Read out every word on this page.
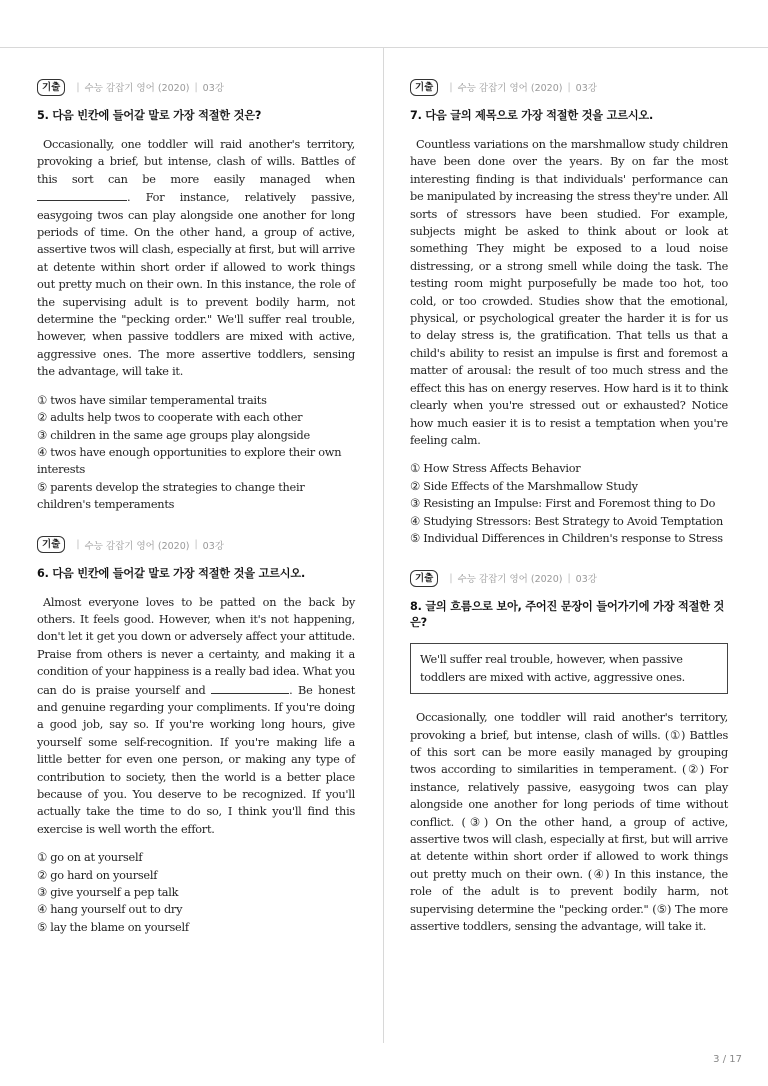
기출	| 수능 감잡기 영어 (2020) | 03강
5. 다음 빈칸에 들어갈 말로 가장 적절한 것은?

Occasionally, one toddler will raid another's territory, provoking a brief, but intense, clash of wills. Battles of this sort can be more easily managed when . For instance, relatively passive, easygoing twos can play alongside one another for long periods of time. On the other hand, a group of active, assertive twos will clash, especially at first, but will arrive at detente within short order if allowed to work things out pretty much on their own. In this instance, the role of the supervising adult is to prevent bodily harm, not determine the "pecking order." We'll suffer real trouble, however, when passive toddlers are mixed with active, aggressive ones. The more assertive toddlers, sensing the advantage, will take it.

① twos have similar temperamental traits
② adults help twos to cooperate with each other
③ children in the same age groups play alongside
④ twos have enough opportunities to explore their own interests
⑤ parents develop the strategies to change their children's temperaments
기출	| 수능 감잡기 영어 (2020) | 03강
6. 다음 빈칸에 들어갈 말로 가장 적절한 것을 고르시오.

Almost everyone loves to be patted on the back by others. It feels good. However, when it's not happening, don't let it get you down or adversely affect your attitude. Praise from others is never a certainty, and making it a condition of your happiness is a really bad idea. What you can do is praise yourself and	. Be honest and genuine regarding your compliments. If you're doing a good job, say so. If you're working long hours, give yourself some self-recognition. If you're making life a little better for even one person, or making any type of contribution to society, then the world is a better place because of you. You deserve to be recognized. If you'll actually take the time to do so, I think you'll find this exercise is well worth the effort.

① go on at yourself
② go hard on yourself
③ give yourself a pep talk
④ hang yourself out to dry
⑤ lay the blame on yourself
기출	| 수능 감잡기 영어 (2020) | 03강
7. 다음 글의 제목으로 가장 적절한 것을 고르시오.

Countless variations on the marshmallow study children have been done over the years. By on far the most interesting finding is that individuals' performance can be manipulated by increasing the stress they're under. All sorts of stressors have been studied. For example, subjects might be asked to think about or look at something They might be exposed to a loud noise distressing, or a strong smell while doing the task. The testing room might purposefully be made too hot, too cold, or too crowded. Studies show that the emotional, physical, or psychological greater the harder it is for us to delay stress is, the gratification. That tells us that a child's ability to resist an impulse is first and foremost a matter of arousal: the result of too much stress and the effect this has on energy reserves. How hard is it to think clearly when you're stressed out or exhausted? Notice how much easier it is to resist a temptation when you're feeling calm.

① How Stress Affects Behavior
② Side Effects of the Marshmallow Study
③ Resisting an Impulse: First and Foremost thing to Do
④ Studying Stressors: Best Strategy to Avoid Temptation
⑤ Individual Differences in Children's response to Stress
기출	| 수능 감잡기 영어 (2020) | 03강
8. 글의 흐름으로 보아, 주어진 문장이 들어가기에 가장 적절한 것은?
We'll suffer real trouble, however, when passive toddlers are mixed with active, aggressive ones.

Occasionally, one toddler will raid another's territory, provoking a brief, but intense, clash of wills. (①) Battles of this sort can be more easily managed by grouping twos according to similarities in temperament. (②) For instance, relatively passive, easygoing twos can play alongside one another for long periods of time without conflict. (③) On the other hand, a group of active, assertive twos will clash, especially at first, but will arrive at detente within short order if allowed to work things out pretty much on their own. (④) In this instance, the role of the adult is to prevent bodily harm, not supervising determine the "pecking order." (⑤) The more assertive toddlers, sensing the advantage, will take it.

3 / 17
